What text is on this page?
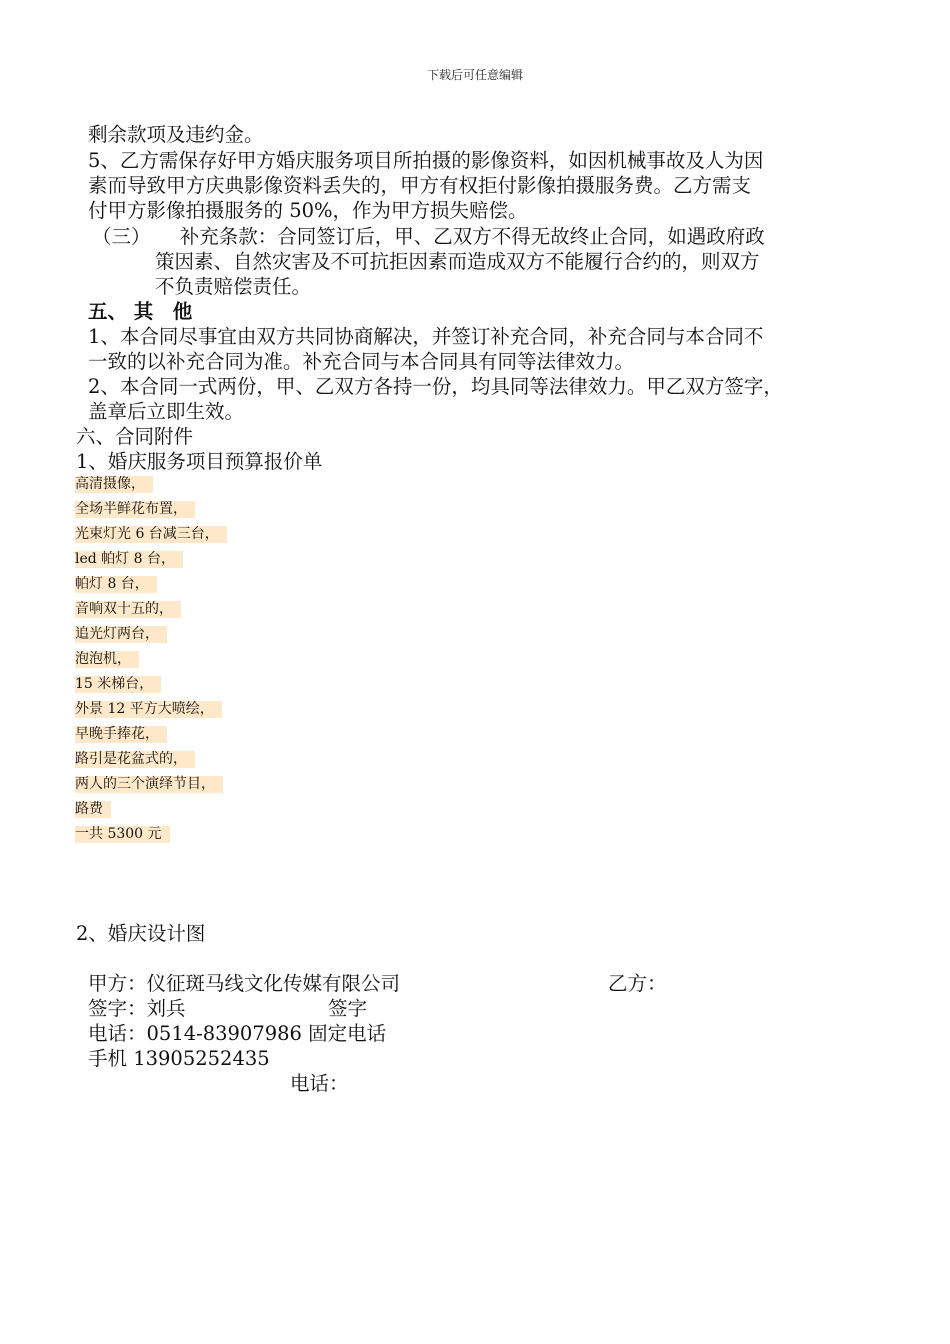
下载后可任意编辑
剩余款项及违约金。
5、乙方需保存好甲方婚庆服务项目所拍摄的影像资料，如因机械事故及人为因
素而导致甲方庆典影像资料丢失的，甲方有权拒付影像拍摄服务费。乙方需支
付甲方影像拍摄服务的 50%，作为甲方损失赔偿。
（三）　　补充条款：合同签订后，甲、乙双方不得无故终止合同，如遇政府政
策因素、自然灾害及不可抗拒因素而造成双方不能履行合约的，则双方
不负责赔偿责任。
五、 其　他
1、本合同尽事宜由双方共同协商解决，并签订补充合同，补充合同与本合同不
一致的以补充合同为准。补充合同与本合同具有同等法律效力。
2、本合同一式两份，甲、乙双方各持一份，均具同等法律效力。甲乙双方签字，
盖章后立即生效。
六、合同附件
1、婚庆服务项目预算报价单
高清摄像，
全场半鲜花布置，
光束灯光 6 台减三台，
led 帕灯 8 台，
帕灯 8 台，
音响双十五的，
追光灯两台，
泡泡机，
15 米梯台，
外景 12 平方大喷绘，
早晚手捧花，
路引是花盆式的，
两人的三个演绎节目，
路费
一共 5300 元
2、婚庆设计图
甲方：仪征斑马线文化传媒有限公司	乙方：
签字：刘兵	签字
电话：0514-83907986 固定电话
手机 13905252435
电话：
